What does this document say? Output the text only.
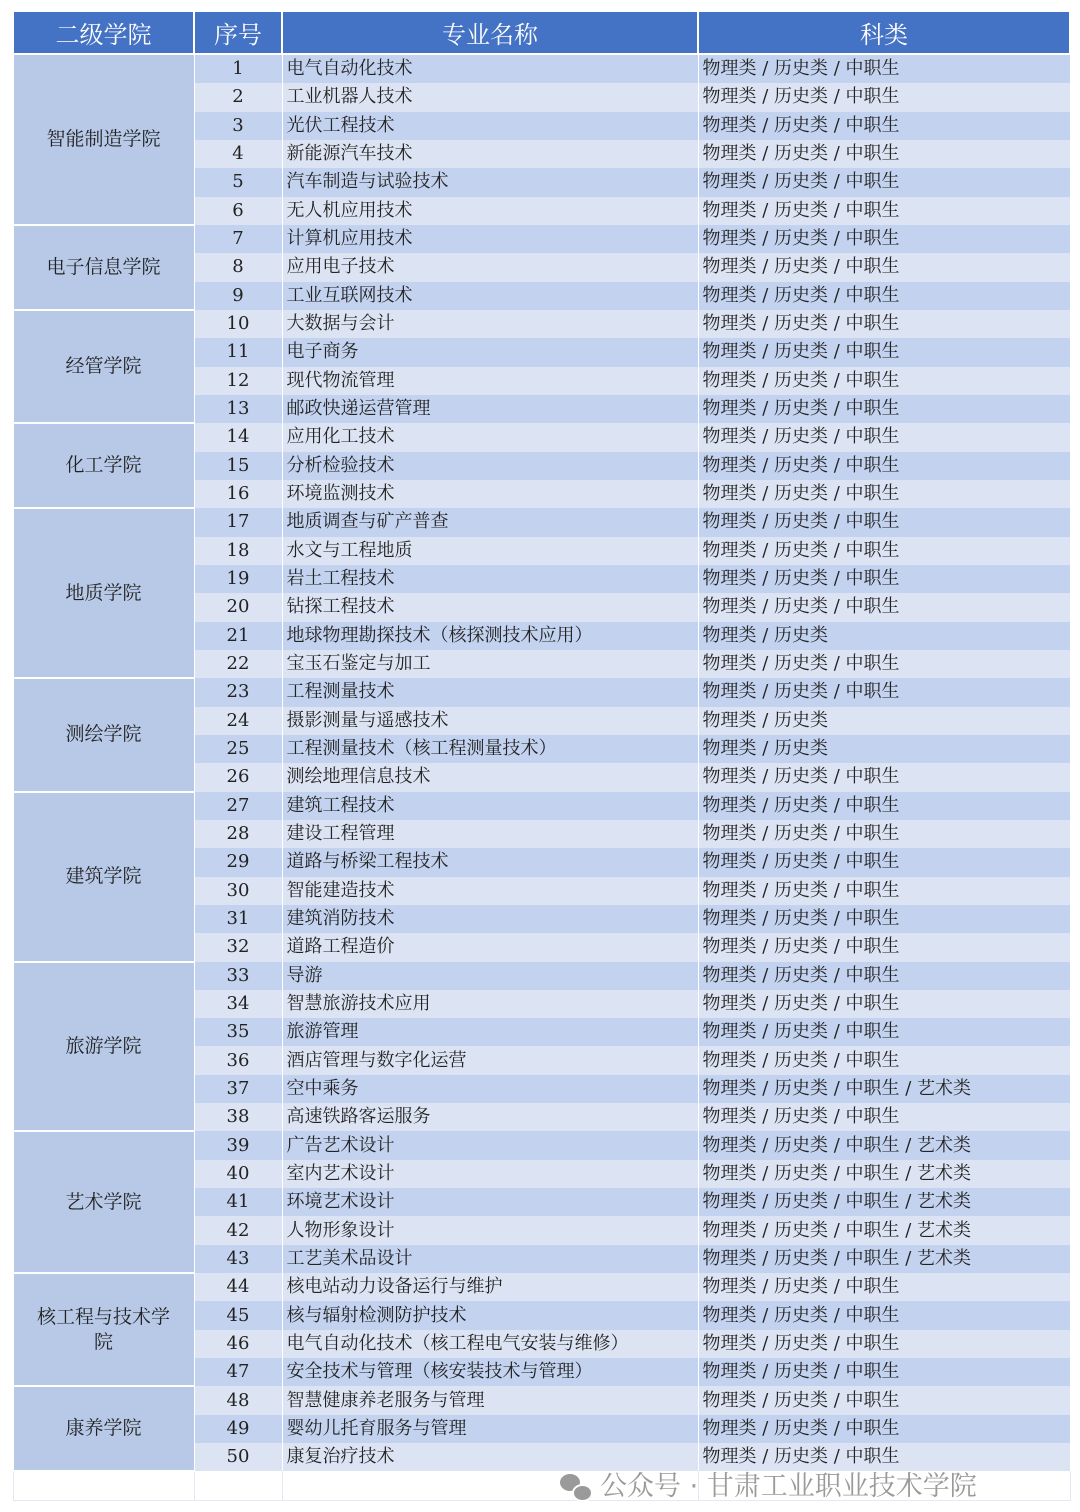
二级学院	序号	专业名称	科类
智能制造学院	1	电气自动化技术	物理类 / 历史类 / 中职生
	2	工业机器人技术	物理类 / 历史类 / 中职生
	3	光伏工程技术	物理类 / 历史类 / 中职生
	4	新能源汽车技术	物理类 / 历史类 / 中职生
	5	汽车制造与试验技术	物理类 / 历史类 / 中职生
	6	无人机应用技术	物理类 / 历史类 / 中职生
电子信息学院	7	计算机应用技术	物理类 / 历史类 / 中职生
	8	应用电子技术	物理类 / 历史类 / 中职生
	9	工业互联网技术	物理类 / 历史类 / 中职生
经管学院	10	大数据与会计	物理类 / 历史类 / 中职生
	11	电子商务	物理类 / 历史类 / 中职生
	12	现代物流管理	物理类 / 历史类 / 中职生
	13	邮政快递运营管理	物理类 / 历史类 / 中职生
化工学院	14	应用化工技术	物理类 / 历史类 / 中职生
	15	分析检验技术	物理类 / 历史类 / 中职生
	16	环境监测技术	物理类 / 历史类 / 中职生
地质学院	17	地质调查与矿产普查	物理类 / 历史类 / 中职生
	18	水文与工程地质	物理类 / 历史类 / 中职生
	19	岩土工程技术	物理类 / 历史类 / 中职生
	20	钻探工程技术	物理类 / 历史类 / 中职生
	21	地球物理勘探技术（核探测技术应用）	物理类 / 历史类
	22	宝玉石鉴定与加工	物理类 / 历史类 / 中职生
测绘学院	23	工程测量技术	物理类 / 历史类 / 中职生
	24	摄影测量与遥感技术	物理类 / 历史类
	25	工程测量技术（核工程测量技术）	物理类 / 历史类
	26	测绘地理信息技术	物理类 / 历史类 / 中职生
建筑学院	27	建筑工程技术	物理类 / 历史类 / 中职生
	28	建设工程管理	物理类 / 历史类 / 中职生
	29	道路与桥梁工程技术	物理类 / 历史类 / 中职生
	30	智能建造技术	物理类 / 历史类 / 中职生
	31	建筑消防技术	物理类 / 历史类 / 中职生
	32	道路工程造价	物理类 / 历史类 / 中职生
旅游学院	33	导游	物理类 / 历史类 / 中职生
	34	智慧旅游技术应用	物理类 / 历史类 / 中职生
	35	旅游管理	物理类 / 历史类 / 中职生
	36	酒店管理与数字化运营	物理类 / 历史类 / 中职生
	37	空中乘务	物理类 / 历史类 / 中职生 / 艺术类
	38	高速铁路客运服务	物理类 / 历史类 / 中职生
艺术学院	39	广告艺术设计	物理类 / 历史类 / 中职生 / 艺术类
	40	室内艺术设计	物理类 / 历史类 / 中职生 / 艺术类
	41	环境艺术设计	物理类 / 历史类 / 中职生 / 艺术类
	42	人物形象设计	物理类 / 历史类 / 中职生 / 艺术类
	43	工艺美术品设计	物理类 / 历史类 / 中职生 / 艺术类
核工程与技术学院	44	核电站动力设备运行与维护	物理类 / 历史类 / 中职生
	45	核与辐射检测防护技术	物理类 / 历史类 / 中职生
	46	电气自动化技术（核工程电气安装与维修）	物理类 / 历史类 / 中职生
	47	安全技术与管理（核安装技术与管理）	物理类 / 历史类 / 中职生
康养学院	48	智慧健康养老服务与管理	物理类 / 历史类 / 中职生
	49	婴幼儿托育服务与管理	物理类 / 历史类 / 中职生
	50	康复治疗技术	物理类 / 历史类 / 中职生

公众号 · 甘肃工业职业技术学院
